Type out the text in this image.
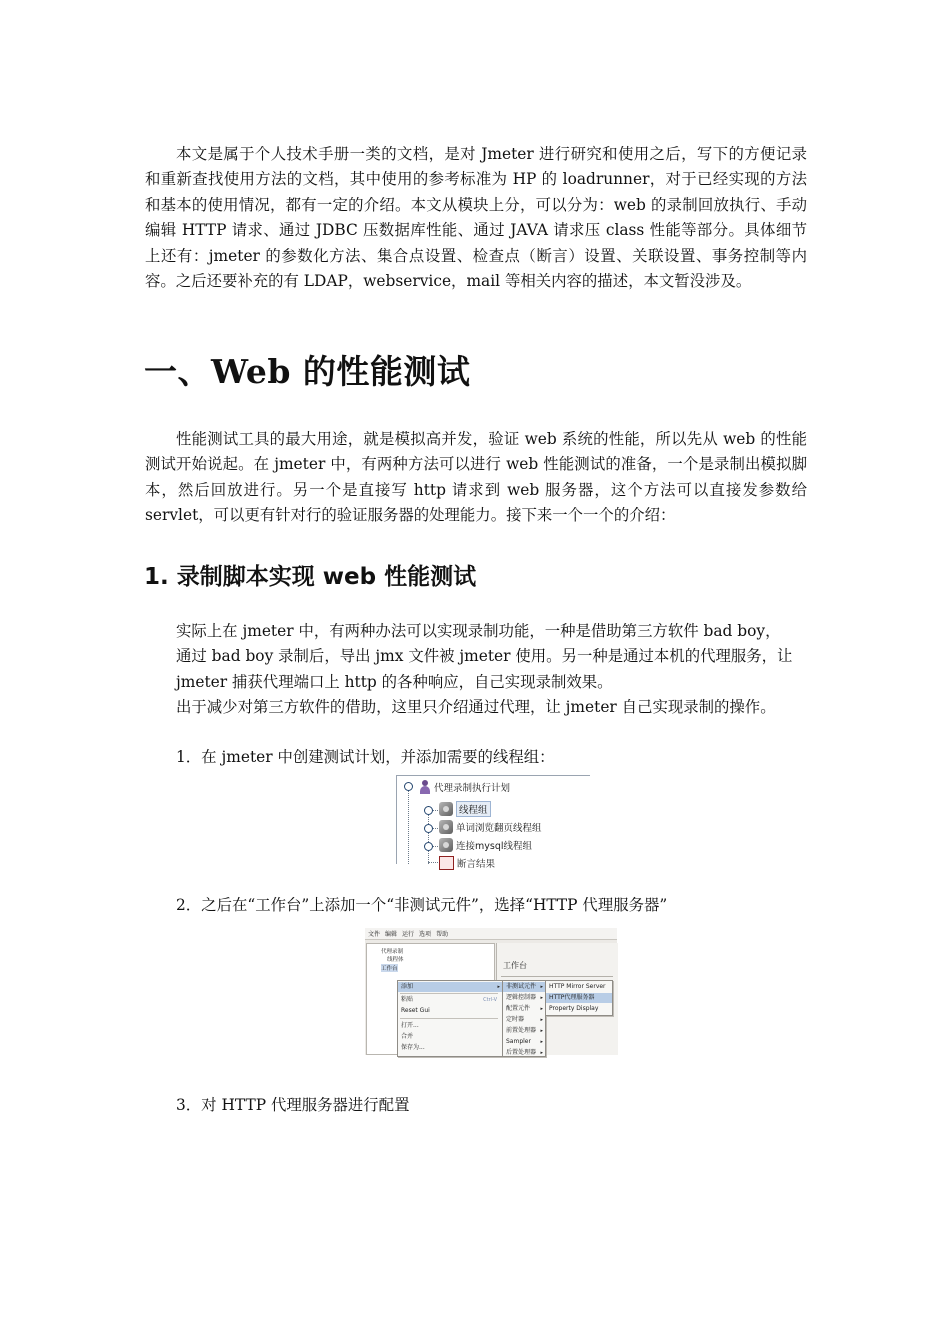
本文是属于个人技术手册一类的文档，是对 Jmeter 进行研究和使用之后，写下的方便记录和重新查找使用方法的文档，其中使用的参考标准为 HP 的 loadrunner，对于已经实现的方法和基本的使用情况，都有一定的介绍。本文从模块上分，可以分为：web 的录制回放执行、手动编辑 HTTP 请求、通过 JDBC 压数据库性能、通过 JAVA 请求压 class 性能等部分。具体细节上还有：jmeter 的参数化方法、集合点设置、检查点（断言）设置、关联设置、事务控制等内容。之后还要补充的有 LDAP，webservice，mail 等相关内容的描述，本文暂没涉及。
一、Web 的性能测试
性能测试工具的最大用途，就是模拟高并发，验证 web 系统的性能，所以先从 web 的性能测试开始说起。在 jmeter 中，有两种方法可以进行 web 性能测试的准备，一个是录制出模拟脚本，然后回放进行。另一个是直接写 http 请求到 web 服务器，这个方法可以直接发参数给 servlet，可以更有针对行的验证服务器的处理能力。接下来一个一个的介绍：
1. 录制脚本实现 web 性能测试
实际上在 jmeter 中，有两种办法可以实现录制功能，一种是借助第三方软件 bad boy，
通过 bad boy 录制后，导出 jmx 文件被 jmeter 使用。另一种是通过本机的代理服务，让
jmeter 捕获代理端口上 http 的各种响应，自己实现录制效果。
出于减少对第三方软件的借助，这里只介绍通过代理，让 jmeter 自己实现录制的操作。

1．在 jmeter 中创建测试计划，并添加需要的线程组：

代理录制执行计划
线程组
单词浏览翻页线程组
连接mysql线程组
断言结果

2．之后在“工作台”上添加一个“非测试元件”，选择“HTTP 代理服务器”

文件 编辑 运行 选项 帮助
代理录制
线程体
工作台	工作台
添加	▸
粘贴	Ctrl-V
Reset Gui
打开...
合并
保存为...
非测试元件 ▸
逻辑控制器 ▸
配置元件 ▸
定时器	▸
前置处理器 ▸
Sampler ▸
后置处理器 ▸
HTTP Mirror Server
HTTP代理服务器
Property Display

3．对 HTTP 代理服务器进行配置
